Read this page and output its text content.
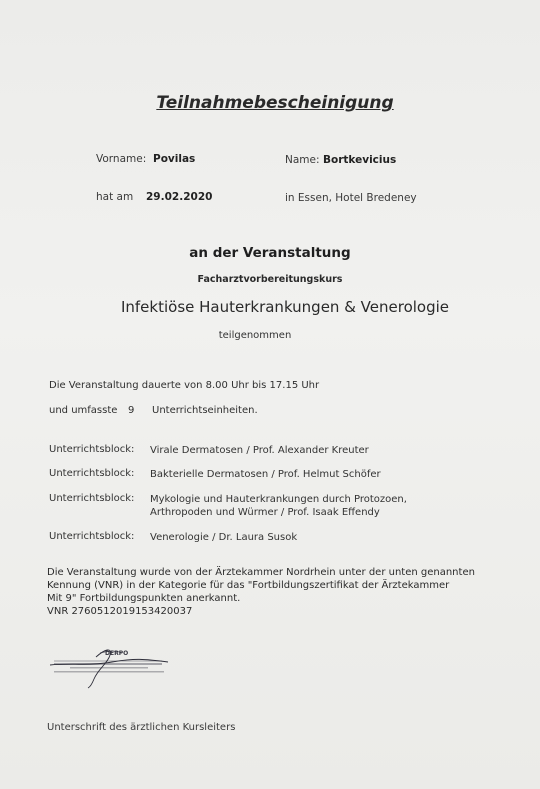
Teilnahmebescheinigung
Vorname: Povilas	Name: Bortkevicius
hat am 29.02.2020	in Essen, Hotel Bredeney
an der Veranstaltung
Facharztvorbereitungskurs
Infektiöse Hauterkrankungen & Venerologie
teilgenommen
Die Veranstaltung dauerte von 8.00 Uhr bis 17.15 Uhr
und umfasste 9 Unterrichtseinheiten.
Unterrichtsblock: Virale Dermatosen / Prof. Alexander Kreuter
Unterrichtsblock: Bakterielle Dermatosen / Prof. Helmut Schöfer
Unterrichtsblock: Mykologie und Hauterkrankungen durch Protozoen,
Arthropoden und Würmer / Prof. Isaak Effendy
Unterrichtsblock: Venerologie / Dr. Laura Susok
Die Veranstaltung wurde von der Ärztekammer Nordrhein unter der unten genannten
Kennung (VNR) in der Kategorie für das "Fortbildungszertifikat der Ärztekammer
Mit 9" Fortbildungspunkten anerkannt.
VNR 2760512019153420037
DERPO
Unterschrift des ärztlichen Kursleiters
